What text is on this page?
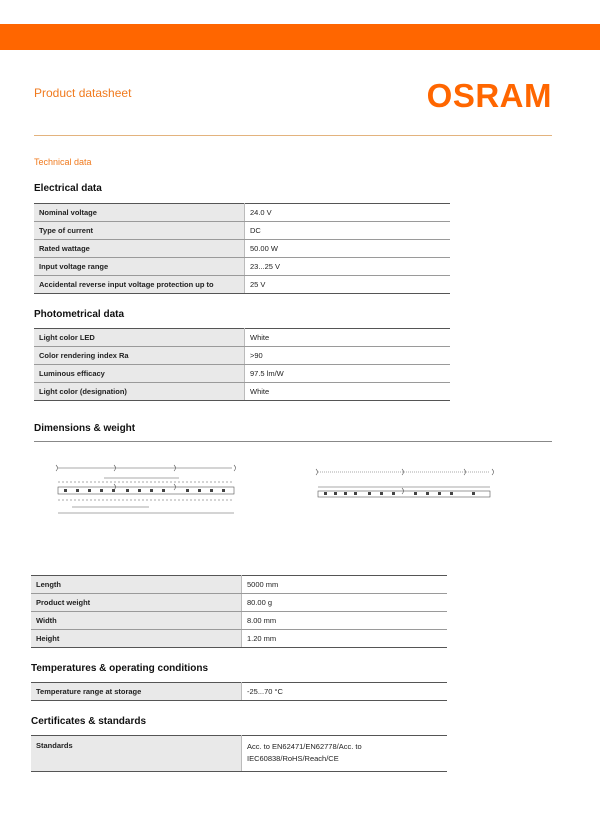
Product datasheet	OSRAM
Technical data
Electrical data
Nominal voltage	24.0 V
Type of current	DC
Rated wattage	50.00 W
Input voltage range	23...25 V
Accidental reverse input voltage protection up to	25 V
Photometrical data
Light color LED	White
Color rendering index Ra	>90
Luminous efficacy	97.5 lm/W
Light color (designation)	White
Dimensions & weight
Length	5000 mm
Product weight	80.00 g
Width	8.00 mm
Height	1.20 mm
Temperatures & operating conditions
Temperature range at storage	-25...70 °C
Certificates & standards
Standards	Acc. to EN62471/EN62778/Acc. to
IEC60838/RoHS/Reach/CE
